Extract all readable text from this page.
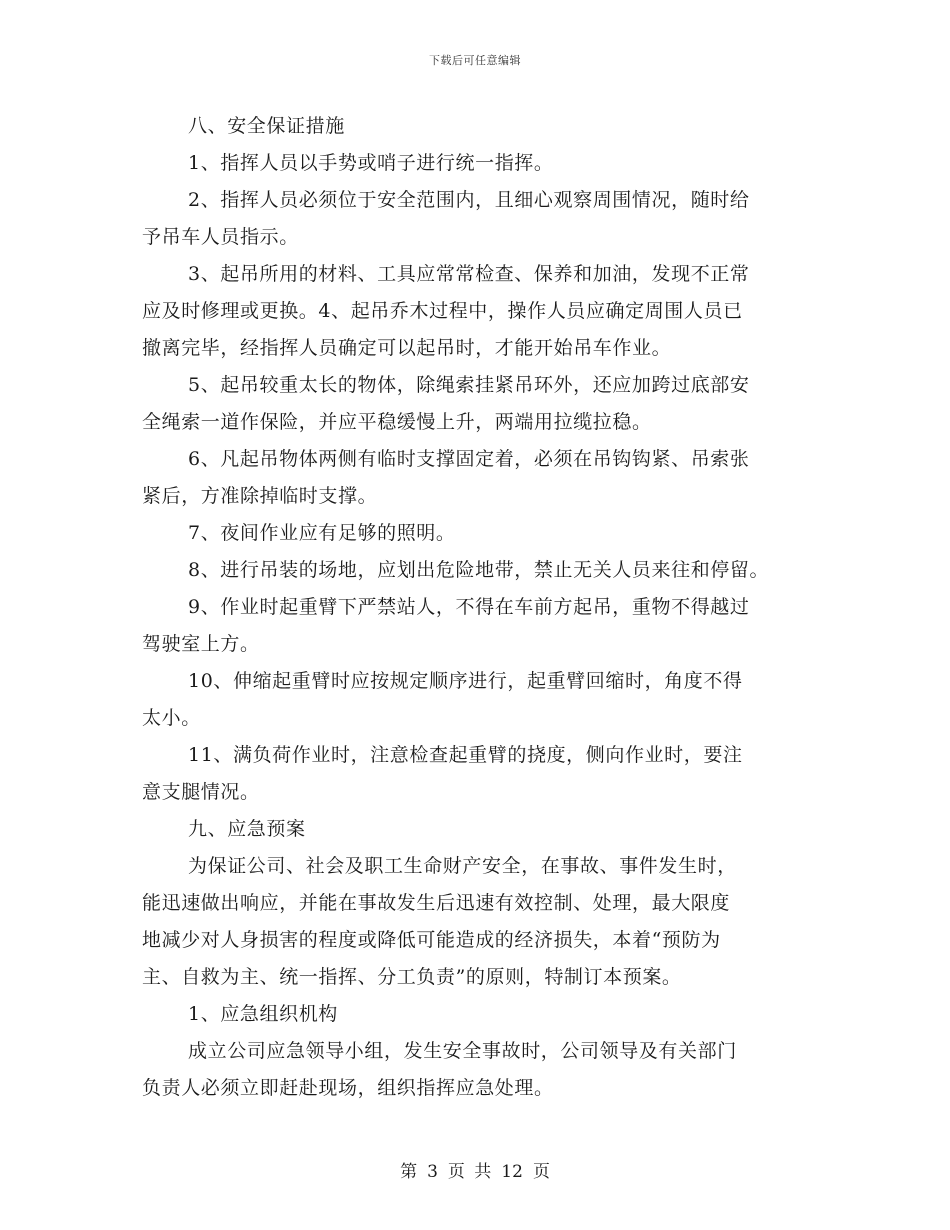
下载后可任意编辑

八、安全保证措施

1、指挥人员以手势或哨子进行统一指挥。

2、指挥人员必须位于安全范围内，且细心观察周围情况，随时给
予吊车人员指示。

3、起吊所用的材料、工具应常常检查、保养和加油，发现不正常
应及时修理或更换。4、起吊乔木过程中，操作人员应确定周围人员已
撤离完毕，经指挥人员确定可以起吊时，才能开始吊车作业。

5、起吊较重太长的物体，除绳索挂紧吊环外，还应加跨过底部安
全绳索一道作保险，并应平稳缓慢上升，两端用拉缆拉稳。

6、凡起吊物体两侧有临时支撑固定着，必须在吊钩钩紧、吊索张
紧后，方准除掉临时支撑。

7、夜间作业应有足够的照明。

8、进行吊装的场地，应划出危险地带，禁止无关人员来往和停留。

9、作业时起重臂下严禁站人，不得在车前方起吊，重物不得越过
驾驶室上方。

10、伸缩起重臂时应按规定顺序进行，起重臂回缩时，角度不得
太小。

11、满负荷作业时，注意检查起重臂的挠度，侧向作业时，要注
意支腿情况。

九、应急预案

为保证公司、社会及职工生命财产安全，在事故、事件发生时，
能迅速做出响应，并能在事故发生后迅速有效控制、处理，最大限度
地减少对人身损害的程度或降低可能造成的经济损失，本着“预防为
主、自救为主、统一指挥、分工负责”的原则，特制订本预案。

1、应急组织机构

成立公司应急领导小组，发生安全事故时，公司领导及有关部门
负责人必须立即赶赴现场，组织指挥应急处理。

第 3 页 共 12 页
